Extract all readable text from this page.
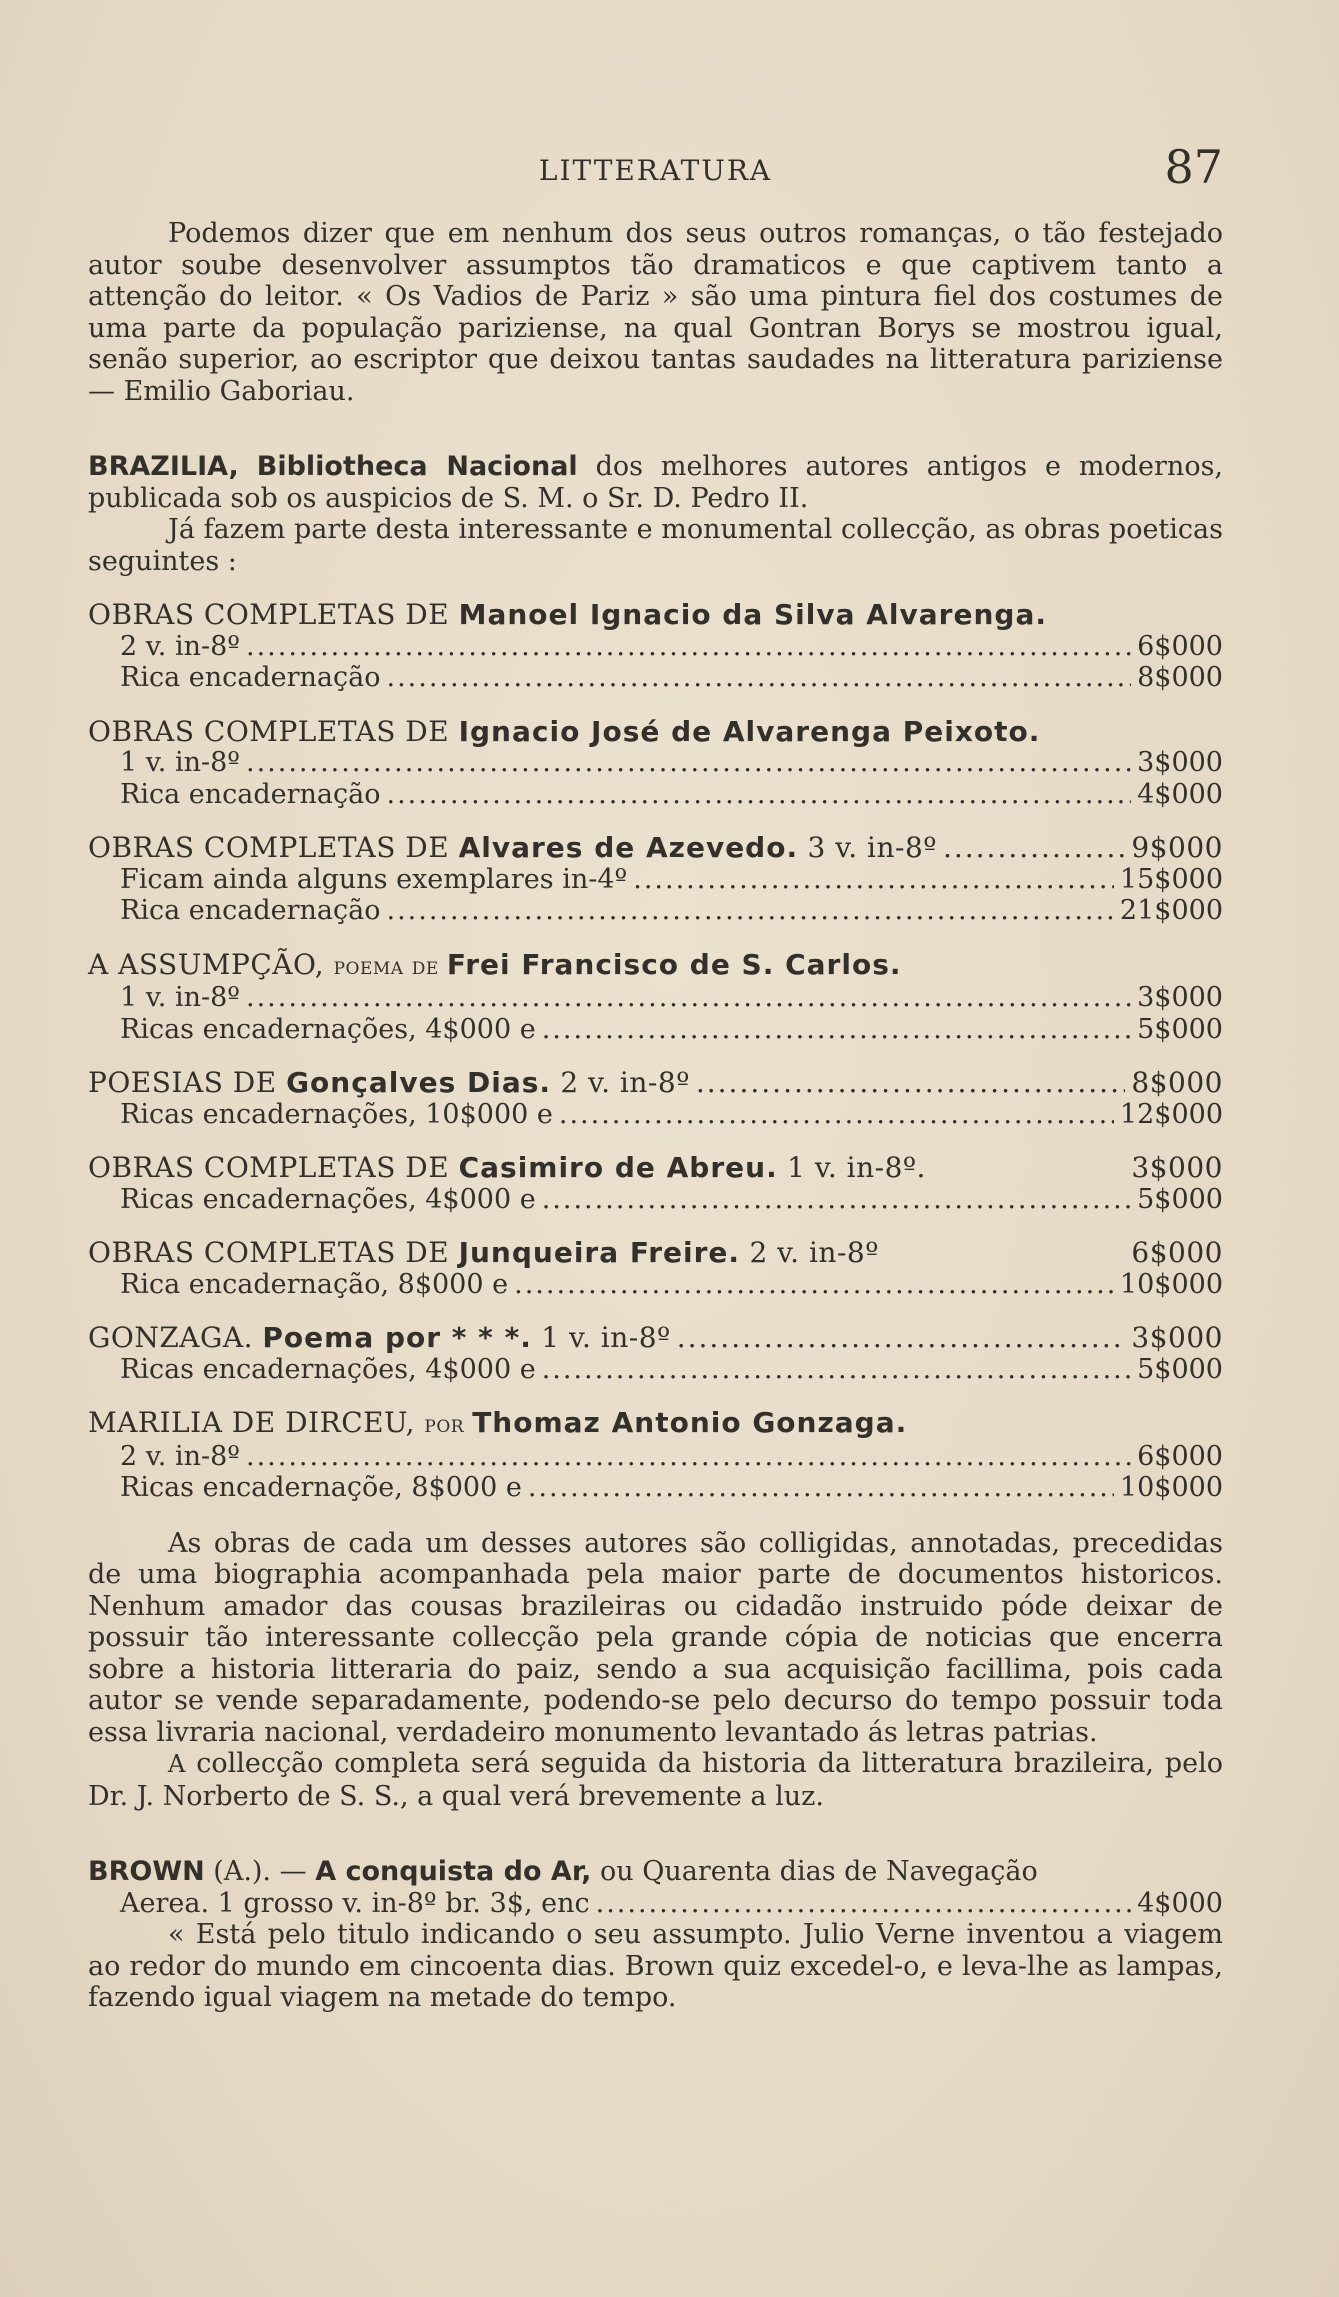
LITTERATURA	87

Podemos dizer que em nenhum dos seus outros romanças, o tão festejado autor soube desenvolver assumptos tão dramaticos e que captivem tanto a attenção do leitor. « Os Vadios de Pariz » são uma pintura fiel dos costumes de uma parte da população pariziense, na qual Gontran Borys se mostrou igual, senão superior, ao escriptor que deixou tantas saudades na litteratura pariziense — Emilio Gaboriau.

BRAZILIA, Bibliotheca Nacional dos melhores autores antigos e modernos, publicada sob os auspicios de S. M. o Sr. D. Pedro II.

Já fazem parte desta interessante e monumental collecção, as obras poeticas seguintes :

OBRAS COMPLETAS DE Manoel Ignacio da Silva Alvarenga.

2 v. in-8º .....	6$000
Rica encadernação .....	8$000

OBRAS COMPLETAS DE Ignacio José de Alvarenga Peixoto.

1 v. in-8º .....	3$000
Rica encadernação .....	4$000
OBRAS COMPLETAS DE Alvares de Azevedo. 3 v. in-8º .....	9$000
Ficam ainda alguns exemplares in-4º .....	15$000
Rica encadernação .....	21$000

A ASSUMPÇÃO, poema de Frei Francisco de S. Carlos.

1 v. in-8º .....	3$000
Ricas encadernações, 4$000 e .....	5$000
POESIAS DE Gonçalves Dias. 2 v. in-8º .....	8$000
Ricas encadernações, 10$000 e .....	12$000
OBRAS COMPLETAS DE Casimiro de Abreu. 1 v. in-8º.	3$000
Ricas encadernações, 4$000 e .....	5$000
OBRAS COMPLETAS DE Junqueira Freire. 2 v. in-8º	6$000
Rica encadernação, 8$000 e .....	10$000
GONZAGA. Poema por * * *. 1 v. in-8º .....	3$000
Ricas encadernações, 4$000 e .....	5$000

MARILIA DE DIRCEU, por Thomaz Antonio Gonzaga.

2 v. in-8º .....	6$000
Ricas encadernaçõe, 8$000 e .....	10$000

As obras de cada um desses autores são colligidas, annotadas, precedidas de uma biographia acompanhada pela maior parte de documentos historicos. Nenhum amador das cousas brazileiras ou cidadão instruido póde deixar de possuir tão interessante collecção pela grande cópia de noticias que encerra sobre a historia litteraria do paiz, sendo a sua acquisição facillima, pois cada autor se vende separadamente, podendo-se pelo decurso do tempo possuir toda essa livraria nacional, verdadeiro monumento levantado ás letras patrias.

A collecção completa será seguida da historia da litteratura brazileira, pelo Dr. J. Norberto de S. S., a qual verá brevemente a luz.

BROWN (A.). — A conquista do Ar, ou Quarenta dias de Navegação

Aerea. 1 grosso v. in-8º br. 3$, enc .....	4$000

« Está pelo titulo indicando o seu assumpto. Julio Verne inventou a viagem ao redor do mundo em cincoenta dias. Brown quiz excedel-o, e leva-lhe as lampas, fazendo igual viagem na metade do tempo.
